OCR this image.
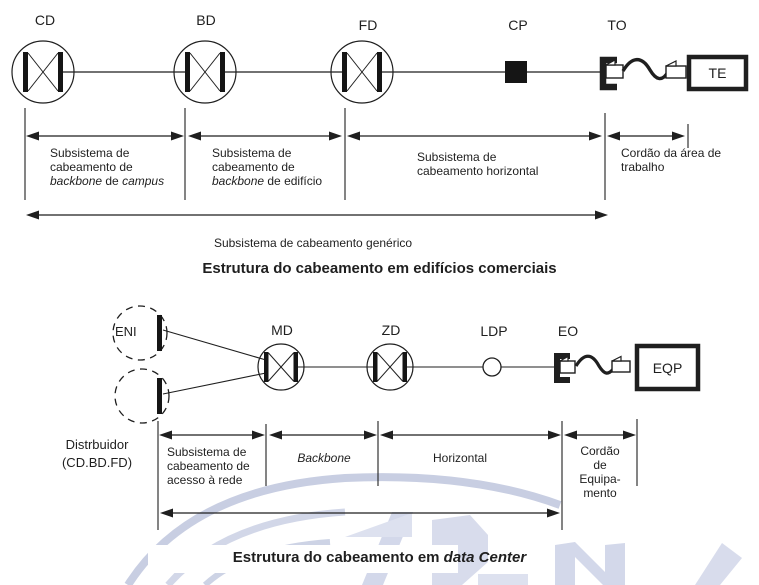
CD	BD	FD	CP	TO
TE
Subsistema de
cabeamento de
backbone de campus
Subsistema de
cabeamento de
backbone de edifício
Subsistema de
cabeamento horizontal
Cordão da área de
trabalho
Subsistema de cabeamento genérico
Estrutura do cabeamento em edifícios comerciais
ENI	MD	ZD	LDP	EO
EQP
Distrbuidor
(CD.BD.FD)
Subsistema de
cabeamento de
acesso à rede
Backbone	Horizontal	Cordão
de
Equipa-
mento
Estrutura do cabeamento em data Center
